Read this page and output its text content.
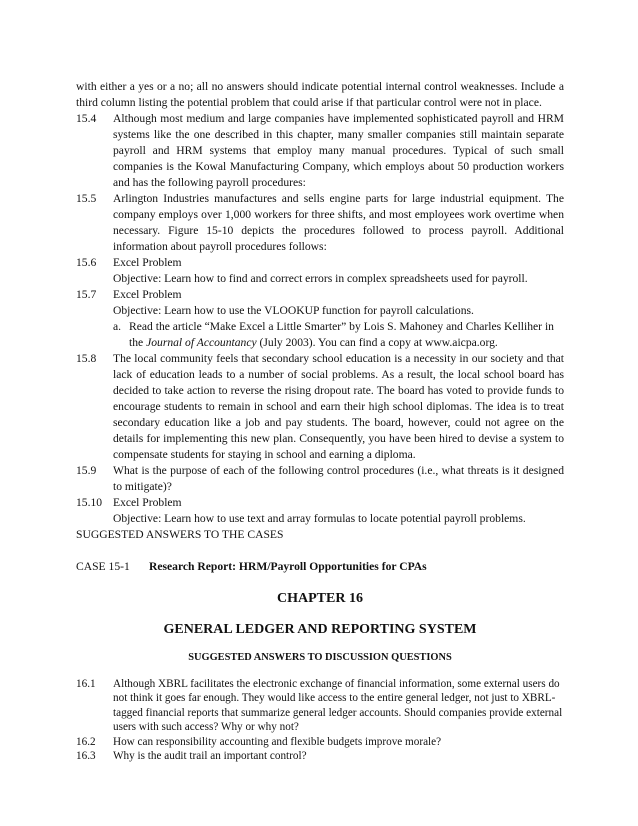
with either a yes or a no; all no answers should indicate potential internal control weaknesses. Include a third column listing the potential problem that could arise if that particular control were not in place.

15.4	Although most medium and large companies have implemented sophisticated payroll and HRM systems like the one described in this chapter, many smaller companies still maintain separate payroll and HRM systems that employ many manual procedures. Typical of such small companies is the Kowal Manufacturing Company, which employs about 50 production workers and has the following payroll procedures:
15.5	Arlington Industries manufactures and sells engine parts for large industrial equipment. The company employs over 1,000 workers for three shifts, and most employees work overtime when necessary. Figure 15-10 depicts the procedures followed to process payroll. Additional information about payroll procedures follows:
15.6	Excel Problem
Objective: Learn how to find and correct errors in complex spreadsheets used for payroll.
15.7	Excel Problem
Objective: Learn how to use the VLOOKUP function for payroll calculations.
a. Read the article “Make Excel a Little Smarter” by Lois S. Mahoney and Charles Kelliher in the Journal of Accountancy (July 2003). You can find a copy at www.aicpa.org.
15.8	The local community feels that secondary school education is a necessity in our society and that lack of education leads to a number of social problems. As a result, the local school board has decided to take action to reverse the rising dropout rate. The board has voted to provide funds to encourage students to remain in school and earn their high school diplomas. The idea is to treat secondary education like a job and pay students. The board, however, could not agree on the details for implementing this new plan. Consequently, you have been hired to devise a system to compensate students for staying in school and earning a diploma.
15.9	What is the purpose of each of the following control procedures (i.e., what threats is it designed to mitigate)?
15.10 Excel Problem
Objective: Learn how to use text and array formulas to locate potential payroll problems.
SUGGESTED ANSWERS TO THE CASES
CASE 15-1	Research Report: HRM/Payroll Opportunities for CPAs
CHAPTER 16
GENERAL LEDGER AND REPORTING SYSTEM
SUGGESTED ANSWERS TO DISCUSSION QUESTIONS
16.1	Although XBRL facilitates the electronic exchange of financial information, some external users do not think it goes far enough. They would like access to the entire general ledger, not just to XBRL-tagged financial reports that summarize general ledger accounts. Should companies provide external users with such access? Why or why not?
16.2	How can responsibility accounting and flexible budgets improve morale?
16.3	Why is the audit trail an important control?
